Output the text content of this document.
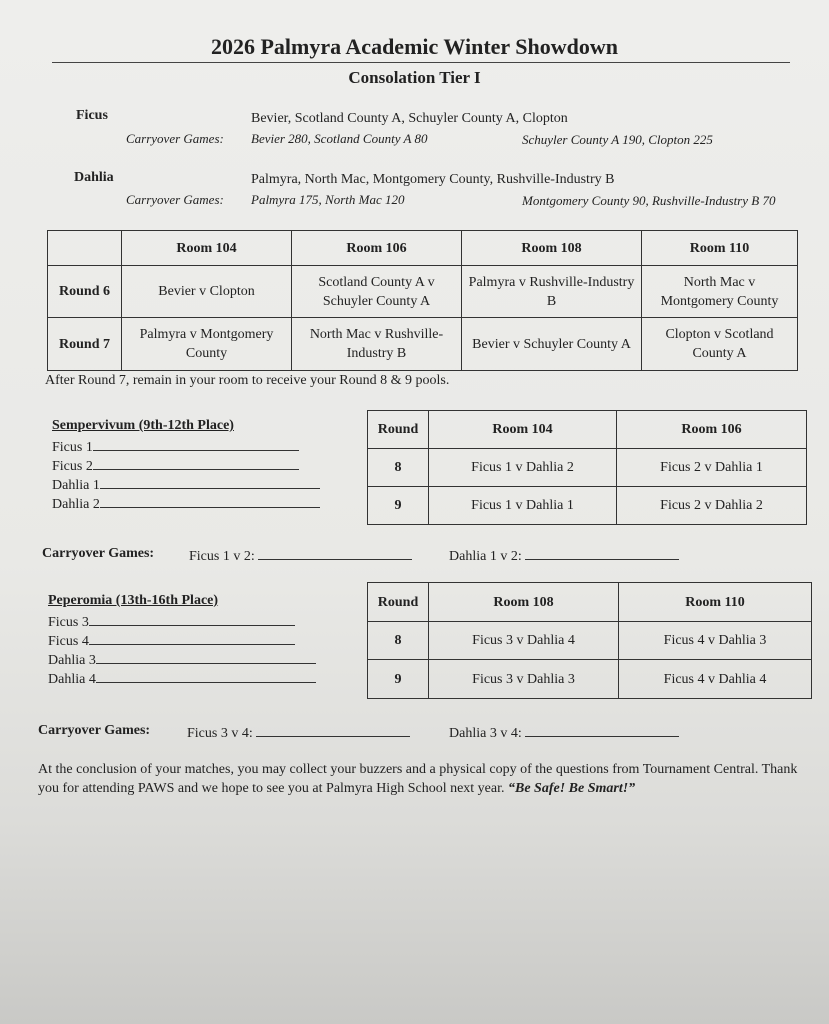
2026 Palmyra Academic Winter Showdown
Consolation Tier I
Ficus	Bevier, Scotland County A, Schuyler County A, Clopton
Carryover Games: Bevier 280, Scotland County A 80	Schuyler County A 190, Clopton 225
Dahlia	Palmyra, North Mac, Montgomery County, Rushville-Industry B
Carryover Games: Palmyra 175, North Mac 120	Montgomery County 90, Rushville-Industry B 70
	Room 104	Room 106	Room 108	Room 110
Round 6	Bevier v Clopton	Scotland County A v Schuyler County A	Palmyra v Rushville-Industry B	North Mac v Montgomery County
Round 7	Palmyra v Montgomery County	North Mac v Rushville-Industry B	Bevier v Schuyler County A	Clopton v Scotland County A
After Round 7, remain in your room to receive your Round 8 & 9 pools.
Sempervivum (9th-12th Place)
Ficus 1
Ficus 2
Dahlia 1
Dahlia 2
Round	Room 104	Room 106
8	Ficus 1 v Dahlia 2	Ficus 2 v Dahlia 1
9	Ficus 1 v Dahlia 1	Ficus 2 v Dahlia 2
Carryover Games: Ficus 1 v 2:	Dahlia 1 v 2:
Peperomia (13th-16th Place)
Ficus 3
Ficus 4
Dahlia 3
Dahlia 4
Round	Room 108	Room 110
8	Ficus 3 v Dahlia 4	Ficus 4 v Dahlia 3
9	Ficus 3 v Dahlia 3	Ficus 4 v Dahlia 4
Carryover Games:	Ficus 3 v 4:	Dahlia 3 v 4:
At the conclusion of your matches, you may collect your buzzers and a physical copy of the questions from Tournament Central. Thank you for attending PAWS and we hope to see you at Palmyra High School next year. “Be Safe! Be Smart!”
